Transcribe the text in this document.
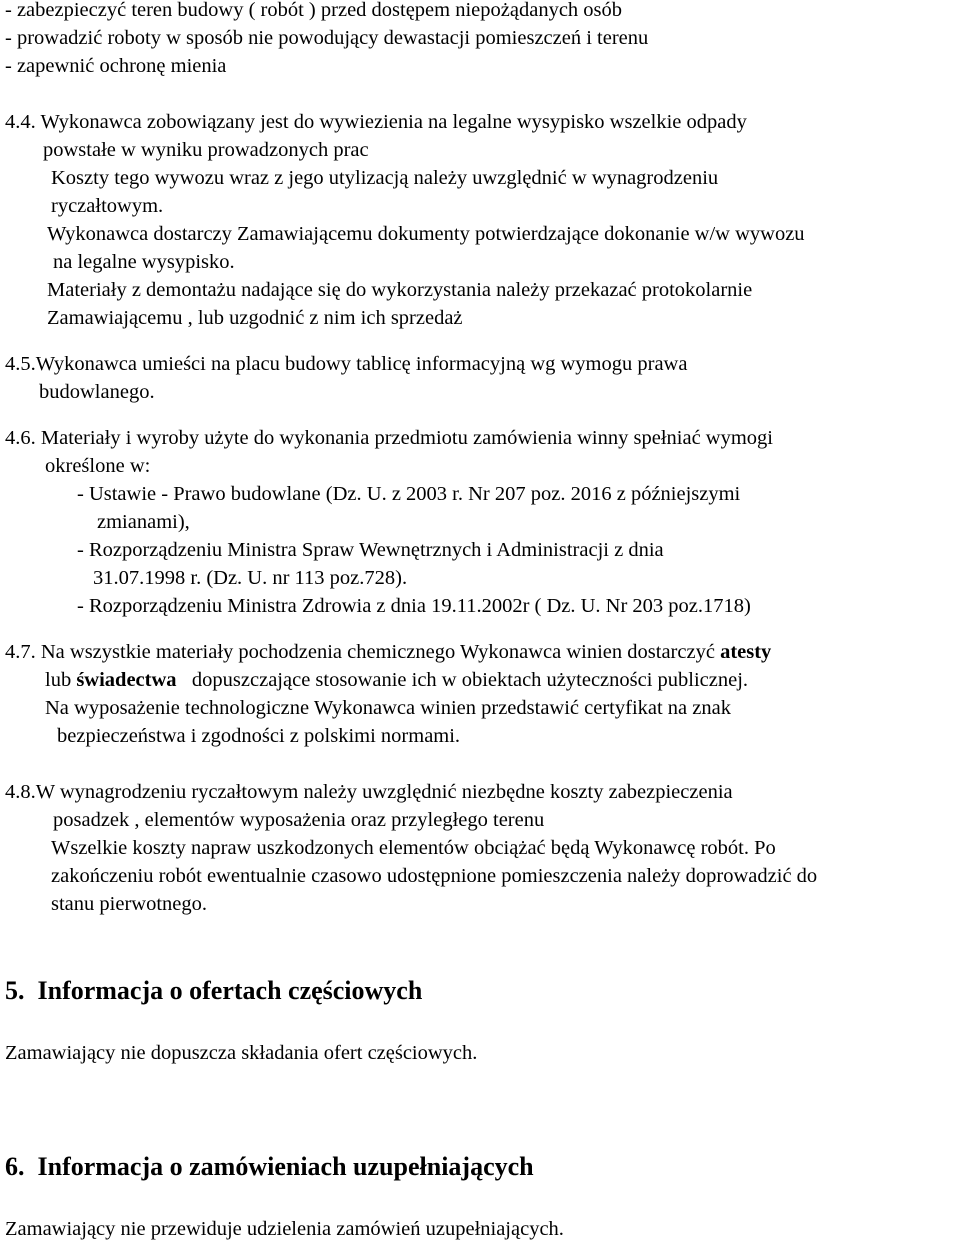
- zabezpieczyć teren budowy ( robót ) przed dostępem niepożądanych osób
- prowadzić roboty w sposób nie powodujący dewastacji pomieszczeń i terenu
- zapewnić ochronę mienia
4.4. Wykonawca zobowiązany jest do wywiezienia na legalne wysypisko wszelkie odpady
powstałe w wyniku prowadzonych prac
Koszty tego wywozu wraz z jego utylizacją należy uwzględnić w wynagrodzeniu
ryczałtowym.
Wykonawca dostarczy Zamawiającemu dokumenty potwierdzające dokonanie w/w wywozu
na legalne wysypisko.
Materiały z demontażu nadające się do wykorzystania należy przekazać protokolarnie
Zamawiającemu , lub uzgodnić z nim ich sprzedaż
4.5.Wykonawca umieści na placu budowy tablicę informacyjną wg wymogu prawa
budowlanego.
4.6. Materiały i wyroby użyte do wykonania przedmiotu zamówienia winny spełniać wymogi
określone w:
- Ustawie - Prawo budowlane (Dz. U. z 2003 r. Nr 207 poz. 2016 z późniejszymi
zmianami),
- Rozporządzeniu Ministra Spraw Wewnętrznych i Administracji z dnia
31.07.1998 r. (Dz. U. nr 113 poz.728).
- Rozporządzeniu Ministra Zdrowia z dnia 19.11.2002r ( Dz. U. Nr 203 poz.1718)
4.7. Na wszystkie materiały pochodzenia chemicznego Wykonawca winien dostarczyć atesty
lub świadectwa   dopuszczające stosowanie ich w obiektach użyteczności publicznej.
Na wyposażenie technologiczne Wykonawca winien przedstawić certyfikat na znak
bezpieczeństwa i zgodności z polskimi normami.
4.8.W wynagrodzeniu ryczałtowym należy uwzględnić niezbędne koszty zabezpieczenia
posadzek , elementów wyposażenia oraz przyległego terenu
Wszelkie koszty napraw uszkodzonych elementów obciążać będą Wykonawcę robót. Po
zakończeniu robót ewentualnie czasowo udostępnione pomieszczenia należy doprowadzić do
stanu pierwotnego.
5. Informacja o ofertach częściowych
Zamawiający nie dopuszcza składania ofert częściowych.
6. Informacja o zamówieniach uzupełniających
Zamawiający nie przewiduje udzielenia zamówień uzupełniających.
